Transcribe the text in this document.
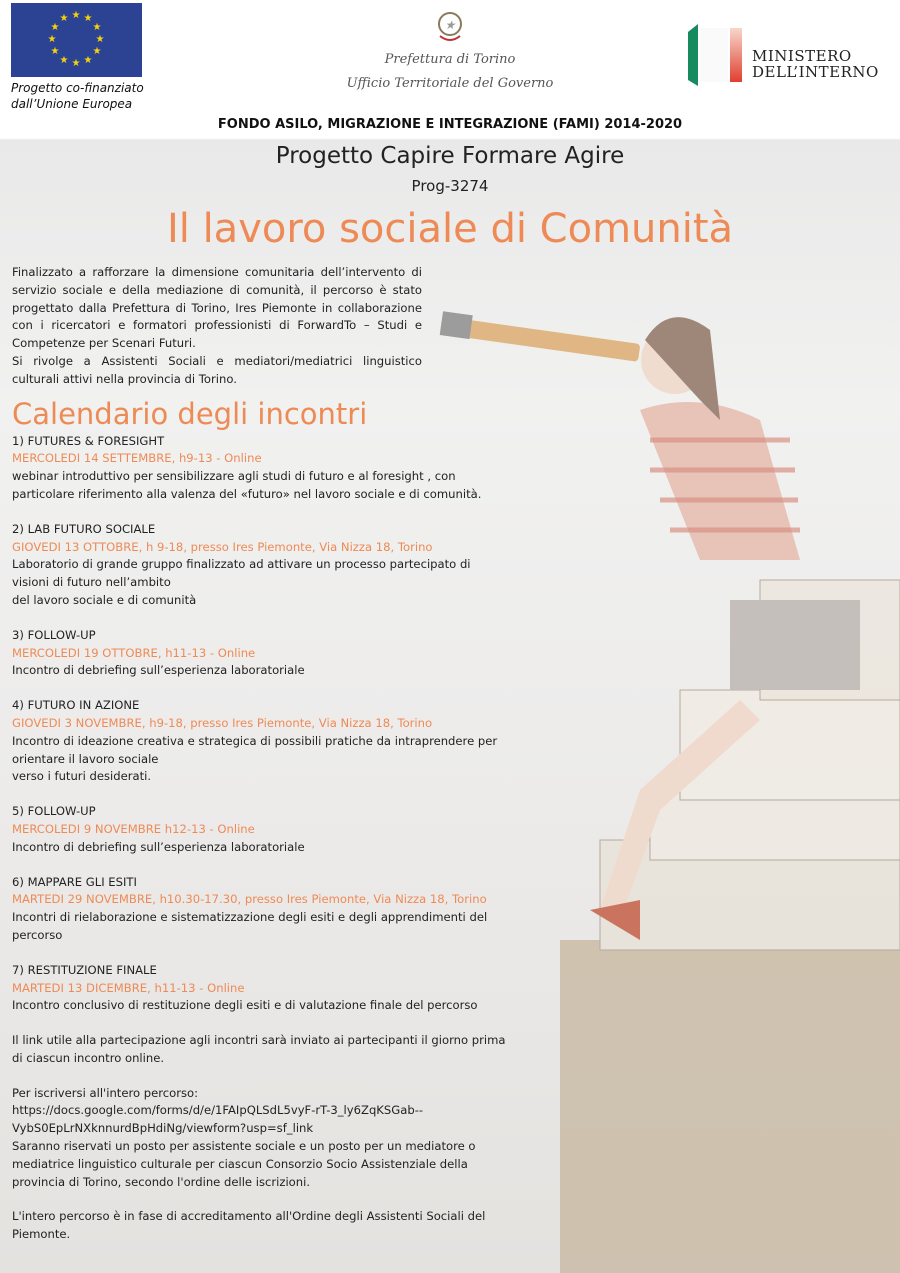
★ ★
★
★
★
★
★
★
★
★
★
★
Progetto co-finanziato
dall’Unione Europea
★
Prefettura di Torino
Ufficio Territoriale del Governo
MINISTERO
DELL’INTERNO
FONDO ASILO, MIGRAZIONE E INTEGRAZIONE (FAMI) 2014-2020
Progetto Capire Formare Agire
Prog-3274
Il lavoro sociale di Comunità

Finalizzato a rafforzare la dimensione comunitaria dell’intervento di servizio sociale e della mediazione di comunità, il percorso è stato progettato dalla Prefettura di Torino, Ires Piemonte in collaborazione con i ricercatori e formatori professionisti di ForwardTo – Studi e Competenze per Scenari Futuri.

Si rivolge a Assistenti Sociali e mediatori/mediatrici linguistico culturali attivi nella provincia di Torino.

Calendario degli incontri
1) FUTURES & FORESIGHT
MERCOLEDI 14 SETTEMBRE, h9-13 - Online
webinar introduttivo per sensibilizzare agli studi di futuro e al foresight , con
particolare riferimento alla valenza del «futuro» nel lavoro sociale e di comunità.
2) LAB FUTURO SOCIALE
GIOVEDI 13 OTTOBRE, h 9-18, presso Ires Piemonte, Via Nizza 18, Torino
Laboratorio di grande gruppo finalizzato ad attivare un processo partecipato di
visioni di futuro nell’ambito
del lavoro sociale e di comunità
3) FOLLOW-UP
MERCOLEDI 19 OTTOBRE, h11-13 - Online
Incontro di debriefing sull’esperienza laboratoriale
4) FUTURO IN AZIONE
GIOVEDI 3 NOVEMBRE, h9-18, presso Ires Piemonte, Via Nizza 18, Torino
Incontro di ideazione creativa e strategica di possibili pratiche da intraprendere per
orientare il lavoro sociale
verso i futuri desiderati.
5) FOLLOW-UP
MERCOLEDI 9 NOVEMBRE h12-13 - Online
Incontro di debriefing sull’esperienza laboratoriale
6) MAPPARE GLI ESITI
MARTEDI 29 NOVEMBRE, h10.30-17.30, presso Ires Piemonte, Via Nizza 18, Torino
Incontri di rielaborazione e sistematizzazione degli esiti e degli apprendimenti del
percorso
7) RESTITUZIONE FINALE
MARTEDI 13 DICEMBRE, h11-13 - Online
Incontro conclusivo di restituzione degli esiti e di valutazione finale del percorso
Il link utile alla partecipazione agli incontri sarà inviato ai partecipanti il giorno prima
di ciascun incontro online.
Per iscriversi all'intero percorso:
https://docs.google.com/forms/d/e/1FAIpQLSdL5vyF-rT-3_ly6ZqKSGab--
VybS0EpLrNXknnurdBpHdiNg/viewform?usp=sf_link
Saranno riservati un posto per assistente sociale e un posto per un mediatore o
mediatrice linguistico culturale per ciascun Consorzio Socio Assistenziale della
provincia di Torino, secondo l'ordine delle iscrizioni.
L'intero percorso è in fase di accreditamento all'Ordine degli Assistenti Sociali del
Piemonte.
